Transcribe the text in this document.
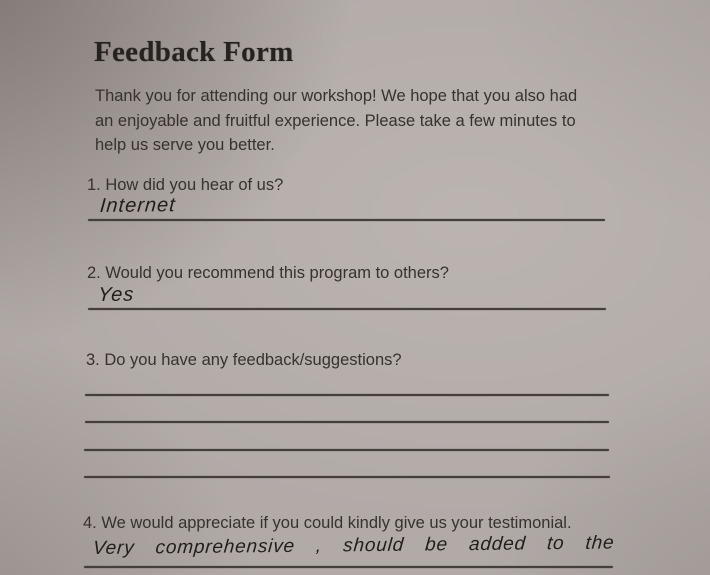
Feedback Form
Thank you for attending our workshop! We hope that you also had
an enjoyable and fruitful experience. Please take a few minutes to
help us serve you better.
1. How did you hear of us?
Internet
2. Would you recommend this program to others?
Yes
3. Do you have any feedback/suggestions?
4. We would appreciate if you could kindly give us your testimonial.
Very comprehensive , should be added to the
